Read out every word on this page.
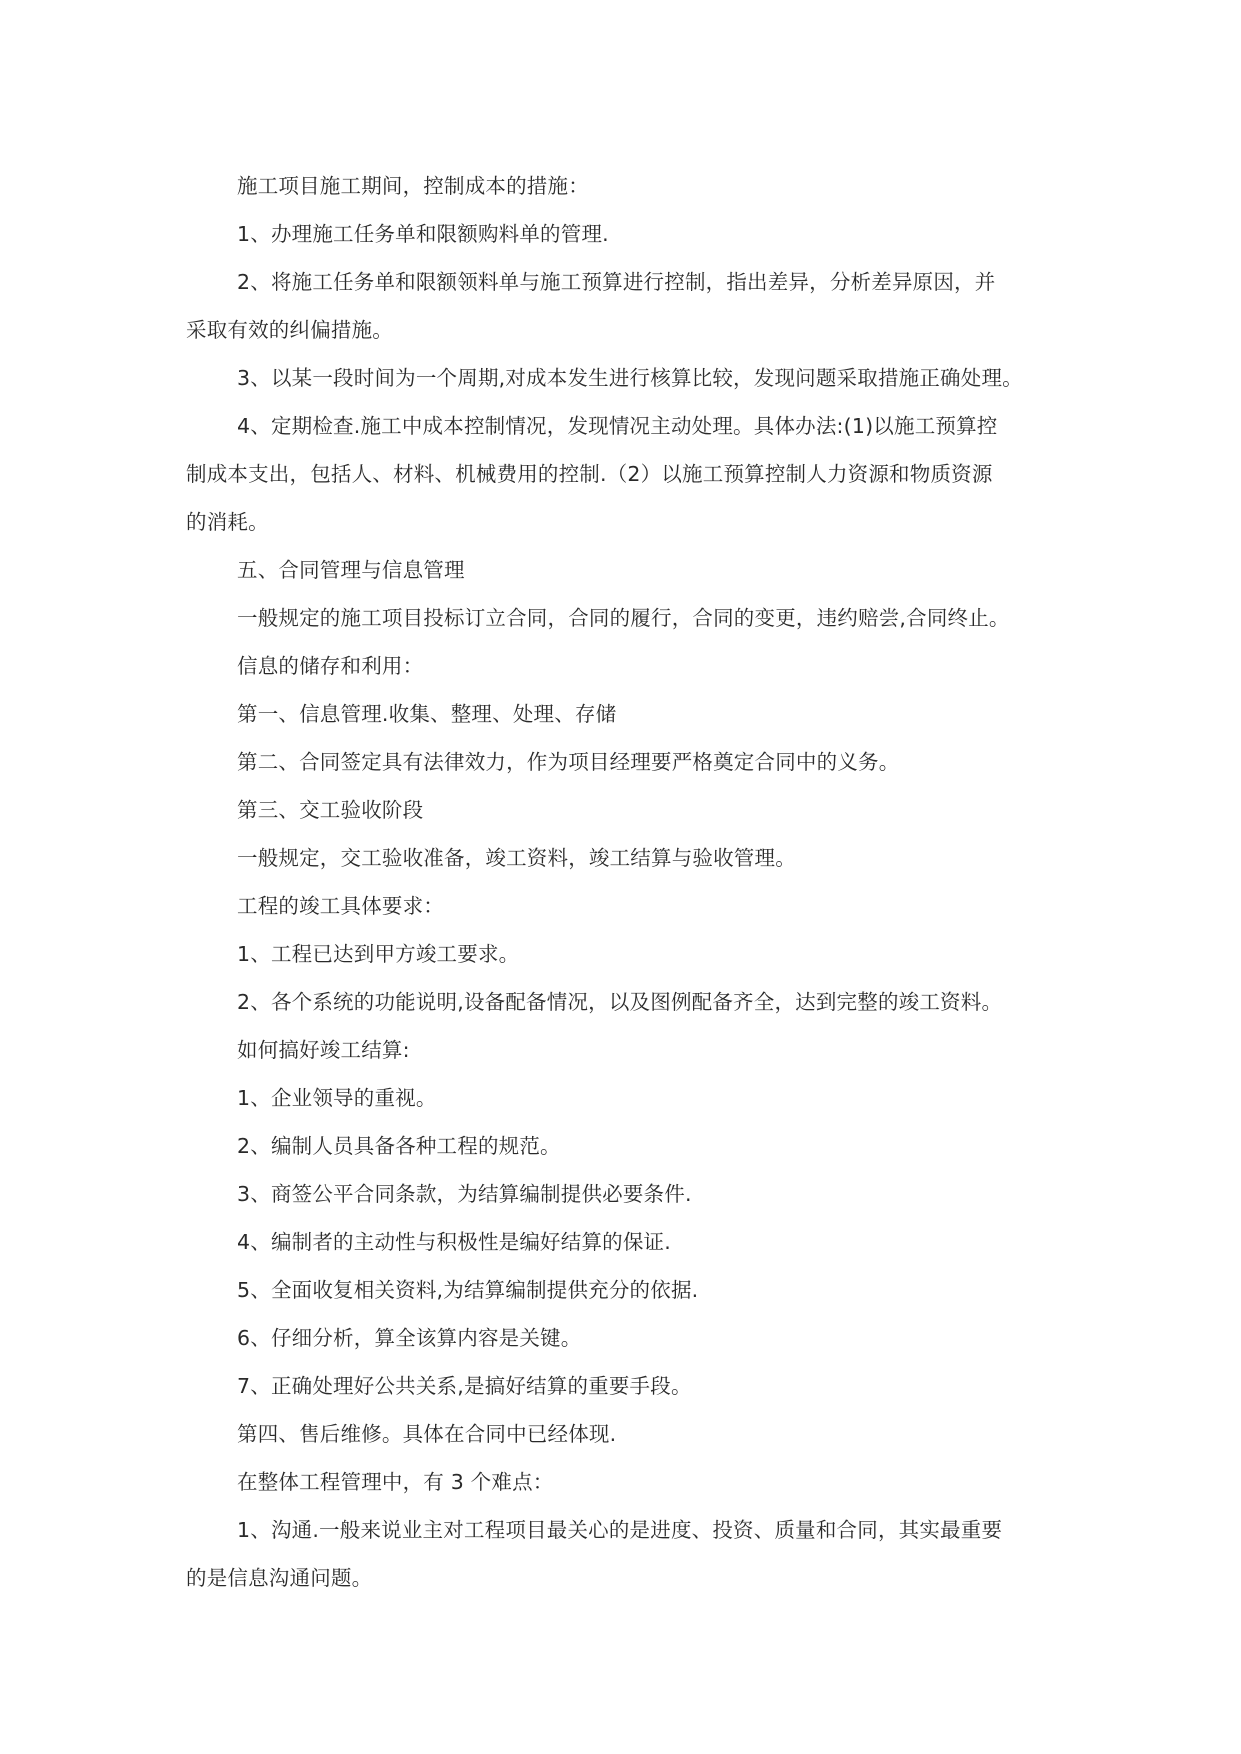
施工项目施工期间，控制成本的措施：

1、办理施工任务单和限额购料单的管理.

2、将施工任务单和限额领料单与施工预算进行控制，指出差异，分析差异原因，并
采取有效的纠偏措施。

3、以某一段时间为一个周期,对成本发生进行核算比较，发现问题采取措施正确处理。

4、定期检查.施工中成本控制情况，发现情况主动处理。具体办法:(1)以施工预算控
制成本支出，包括人、材料、机械费用的控制.（2）以施工预算控制人力资源和物质资源
的消耗。

五、合同管理与信息管理

一般规定的施工项目投标订立合同，合同的履行，合同的变更，违约赔尝,合同终止。

信息的储存和利用：

第一、信息管理.收集、整理、处理、存储

第二、合同签定具有法律效力，作为项目经理要严格奠定合同中的义务。

第三、交工验收阶段

一般规定，交工验收准备，竣工资料，竣工结算与验收管理。

工程的竣工具体要求：

1、工程已达到甲方竣工要求。

2、各个系统的功能说明,设备配备情况，以及图例配备齐全，达到完整的竣工资料。

如何搞好竣工结算:

1、企业领导的重视。

2、编制人员具备各种工程的规范。

3、商签公平合同条款，为结算编制提供必要条件.

4、编制者的主动性与积极性是编好结算的保证.

5、全面收复相关资料,为结算编制提供充分的依据.

6、仔细分析，算全该算内容是关键。

7、正确处理好公共关系,是搞好结算的重要手段。

第四、售后维修。具体在合同中已经体现.

在整体工程管理中，有 3 个难点：

1、沟通.一般来说业主对工程项目最关心的是进度、投资、质量和合同，其实最重要
的是信息沟通问题。
